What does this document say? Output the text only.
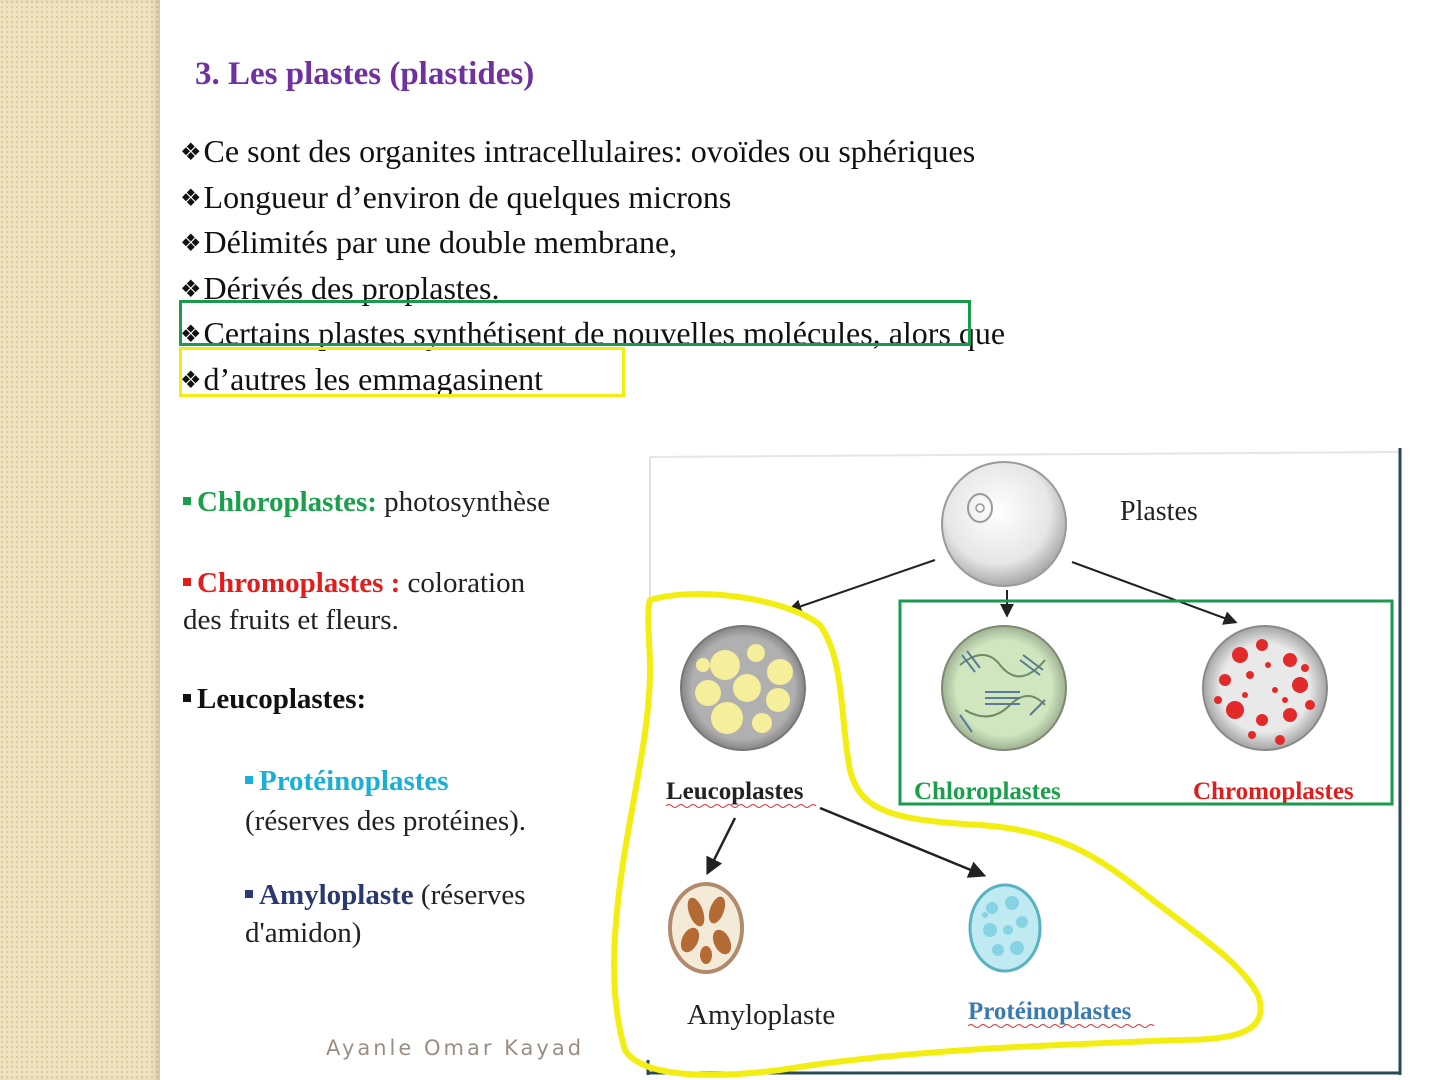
3. Les plastes (plastides)
❖Ce sont des organites intracellulaires: ovoïdes ou sphériques
❖Longueur d’environ de quelques microns
❖Délimités par une double membrane,
❖Dérivés des proplastes.
❖Certains plastes synthétisent de nouvelles molécules, alors que
❖d’autres les emmagasinent
Chloroplastes: photosynthèse
Chromoplastes : coloration
des fruits et fleurs.
Leucoplastes:
Protéinoplastes
(réserves des protéines).
Amyloplaste (réserves
d'amidon)
Ayanle Omar Kayad
Plastes
Leucoplastes	Chloroplastes	Chromoplastes
Amyloplaste	Protéinoplastes
